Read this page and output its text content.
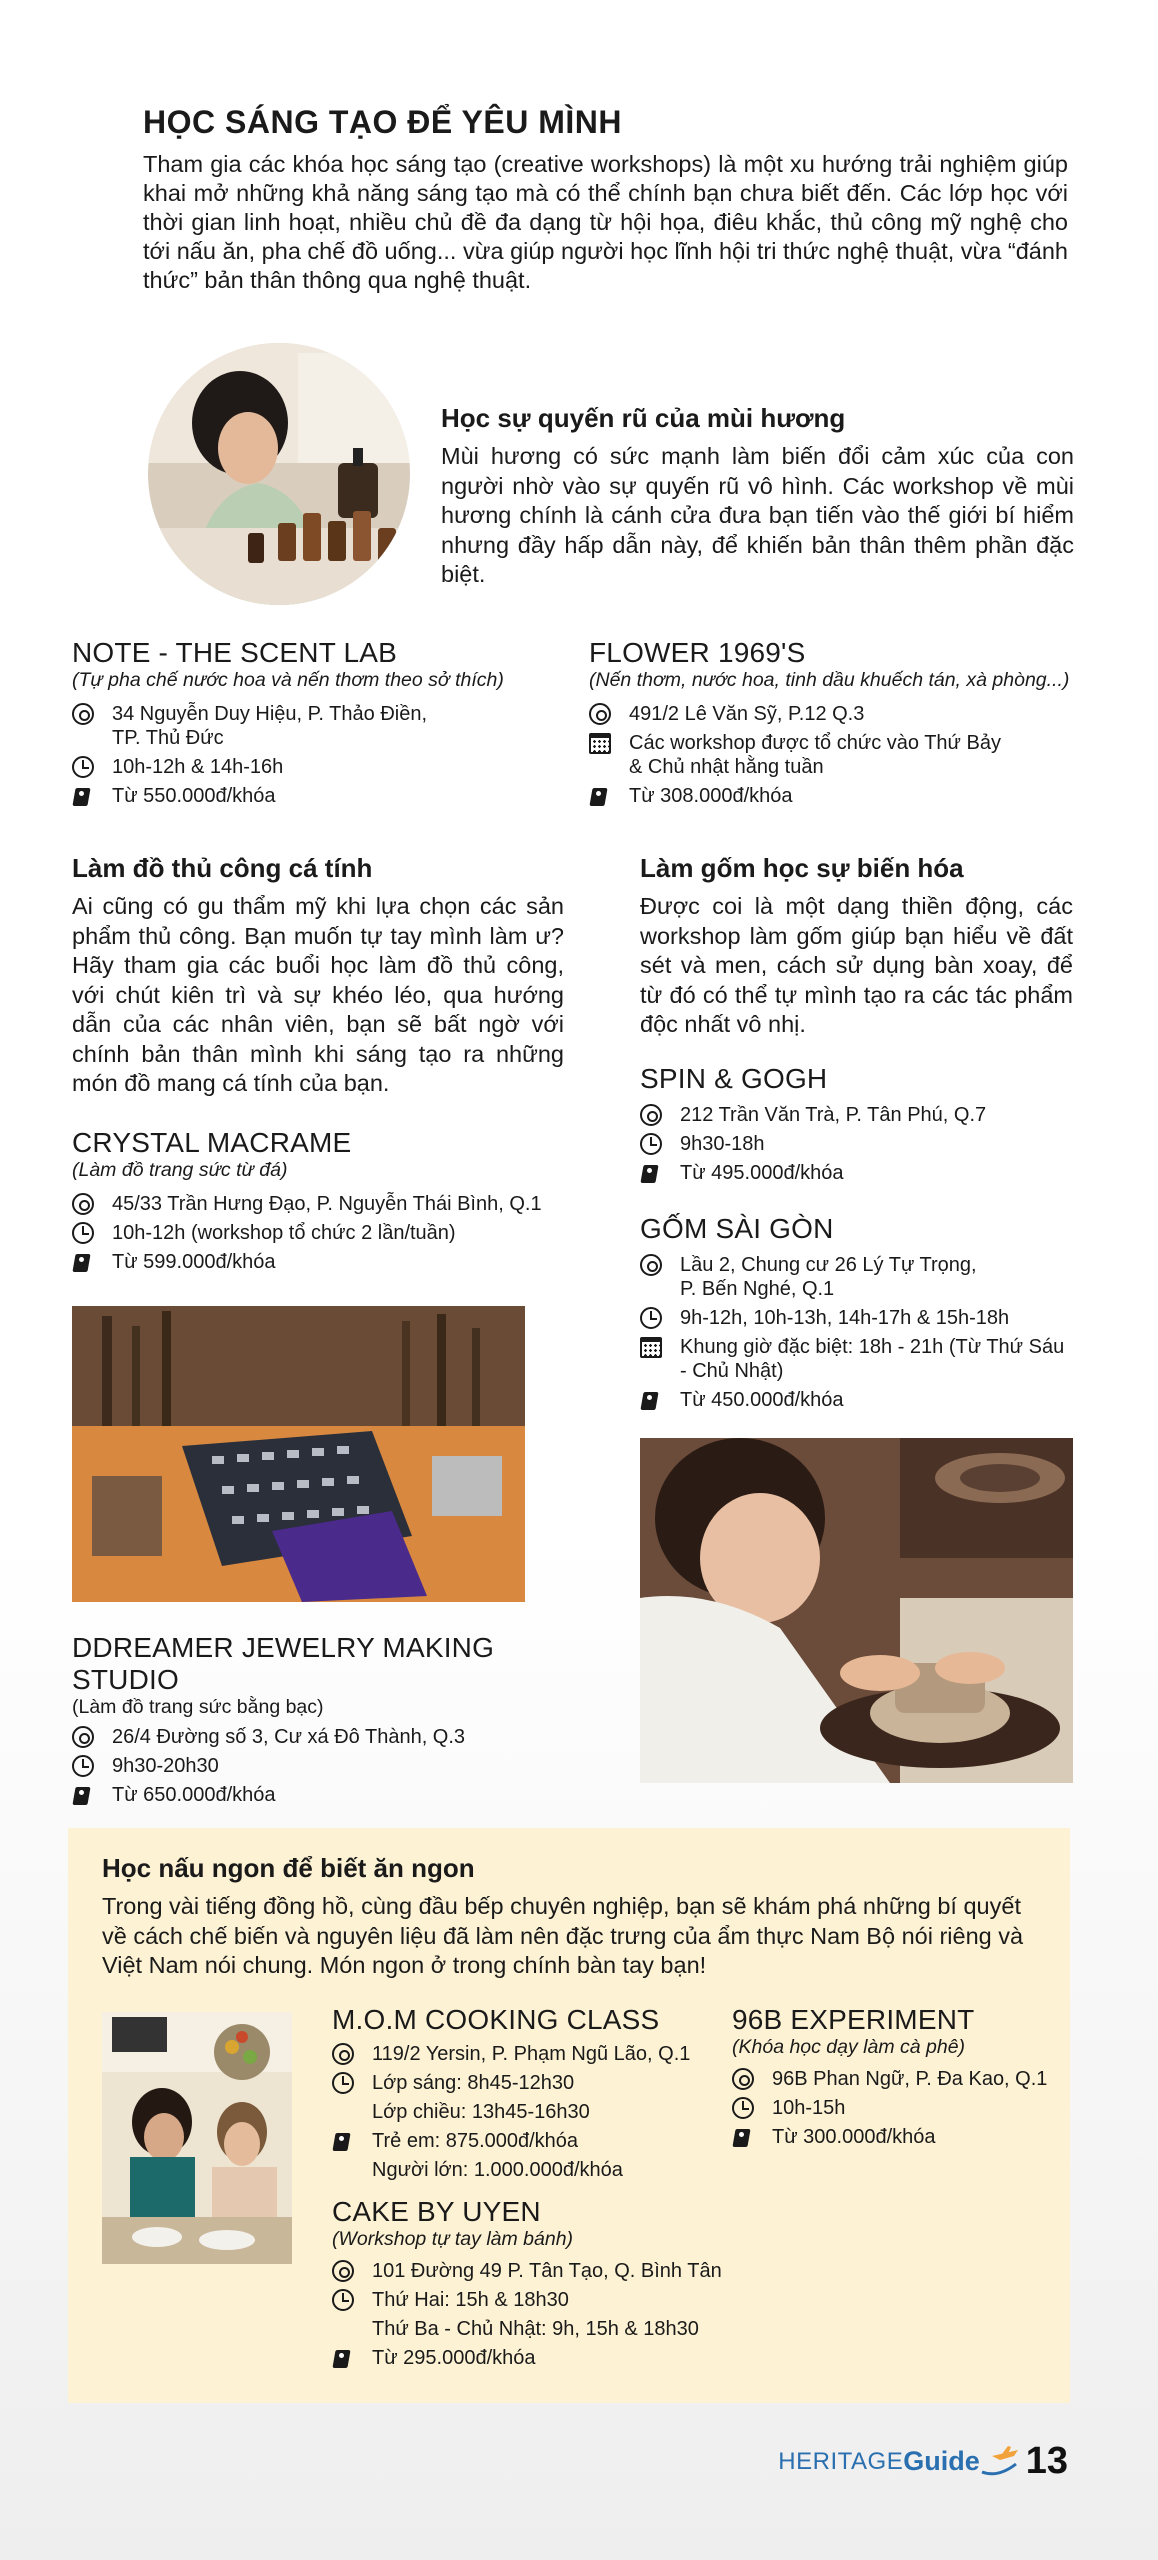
HỌC SÁNG TẠO ĐỂ YÊU MÌNH
Tham gia các khóa học sáng tạo (creative workshops) là một xu hướng trải nghiệm giúp khai mở những khả năng sáng tạo mà có thể chính bạn chưa biết đến. Các lớp học với thời gian linh hoạt, nhiều chủ đề đa dạng từ hội họa, điêu khắc, thủ công mỹ nghệ cho tới nấu ăn, pha chế đồ uống... vừa giúp người học lĩnh hội tri thức nghệ thuật, vừa “đánh thức” bản thân thông qua nghệ thuật.
Học sự quyến rũ của mùi hương
Mùi hương có sức mạnh làm biến đổi cảm xúc của con người nhờ vào sự quyến rũ vô hình. Các workshop về mùi hương chính là cánh cửa đưa bạn tiến vào thế giới bí hiểm nhưng đầy hấp dẫn này, để khiến bản thân thêm phần đặc biệt.
NOTE - THE SCENT LAB
(Tự pha chế nước hoa và nến thơm theo sở thích)
34 Nguyễn Duy Hiệu, P. Thảo Điền,
TP. Thủ Đức
10h-12h & 14h-16h
Từ 550.000đ/khóa
FLOWER 1969'S
(Nến thơm, nước hoa, tinh dầu khuếch tán, xà phòng...)
491/2 Lê Văn Sỹ, P.12 Q.3
Các workshop được tổ chức vào Thứ Bảy
& Chủ nhật hằng tuần
Từ 308.000đ/khóa
Làm đồ thủ công cá tính
Ai cũng có gu thẩm mỹ khi lựa chọn các sản phẩm thủ công. Bạn muốn tự tay mình làm ư? Hãy tham gia các buổi học làm đồ thủ công, với chút kiên trì và sự khéo léo, qua hướng dẫn của các nhân viên, bạn sẽ bất ngờ với chính bản thân mình khi sáng tạo ra những món đồ mang cá tính của bạn.
CRYSTAL MACRAME
(Làm đồ trang sức từ đá)
45/33 Trần Hưng Đạo, P. Nguyễn Thái Bình, Q.1
10h-12h (workshop tổ chức 2 lần/tuần)
Từ 599.000đ/khóa
DDREAMER JEWELRY MAKING STUDIO
(Làm đồ trang sức bằng bạc)
26/4 Đường số 3, Cư xá Đô Thành, Q.3
9h30-20h30
Từ 650.000đ/khóa
Làm gốm học sự biến hóa
Được coi là một dạng thiền động, các workshop làm gốm giúp bạn hiểu về đất sét và men, cách sử dụng bàn xoay, để từ đó có thể tự mình tạo ra các tác phẩm độc nhất vô nhị.
SPIN & GOGH
212 Trần Văn Trà, P. Tân Phú, Q.7
9h30-18h
Từ 495.000đ/khóa
GỐM SÀI GÒN
Lầu 2, Chung cư 26 Lý Tự Trọng,
P. Bến Nghé, Q.1
9h-12h, 10h-13h, 14h-17h & 15h-18h
Khung giờ đặc biệt: 18h - 21h (Từ Thứ Sáu
- Chủ Nhật)
Từ 450.000đ/khóa
Học nấu ngon để biết ăn ngon
Trong vài tiếng đồng hồ, cùng đầu bếp chuyên nghiệp, bạn sẽ khám phá những bí quyết về cách chế biến và nguyên liệu đã làm nên đặc trưng của ẩm thực Nam Bộ nói riêng và Việt Nam nói chung. Món ngon ở trong chính bàn tay bạn!
M.O.M COOKING CLASS
119/2 Yersin, P. Phạm Ngũ Lão, Q.1
Lớp sáng: 8h45-12h30
Lớp chiều: 13h45-16h30
Trẻ em: 875.000đ/khóa
Người lớn: 1.000.000đ/khóa
CAKE BY UYEN
(Workshop tự tay làm bánh)
101 Đường 49 P. Tân Tạo, Q. Bình Tân
Thứ Hai: 15h & 18h30
Thứ Ba - Chủ Nhật: 9h, 15h & 18h30
Từ 295.000đ/khóa
96B EXPERIMENT
(Khóa học dạy làm cà phê)
96B Phan Ngữ, P. Đa Kao, Q.1
10h-15h
Từ 300.000đ/khóa
HERITAGE Guide 13
